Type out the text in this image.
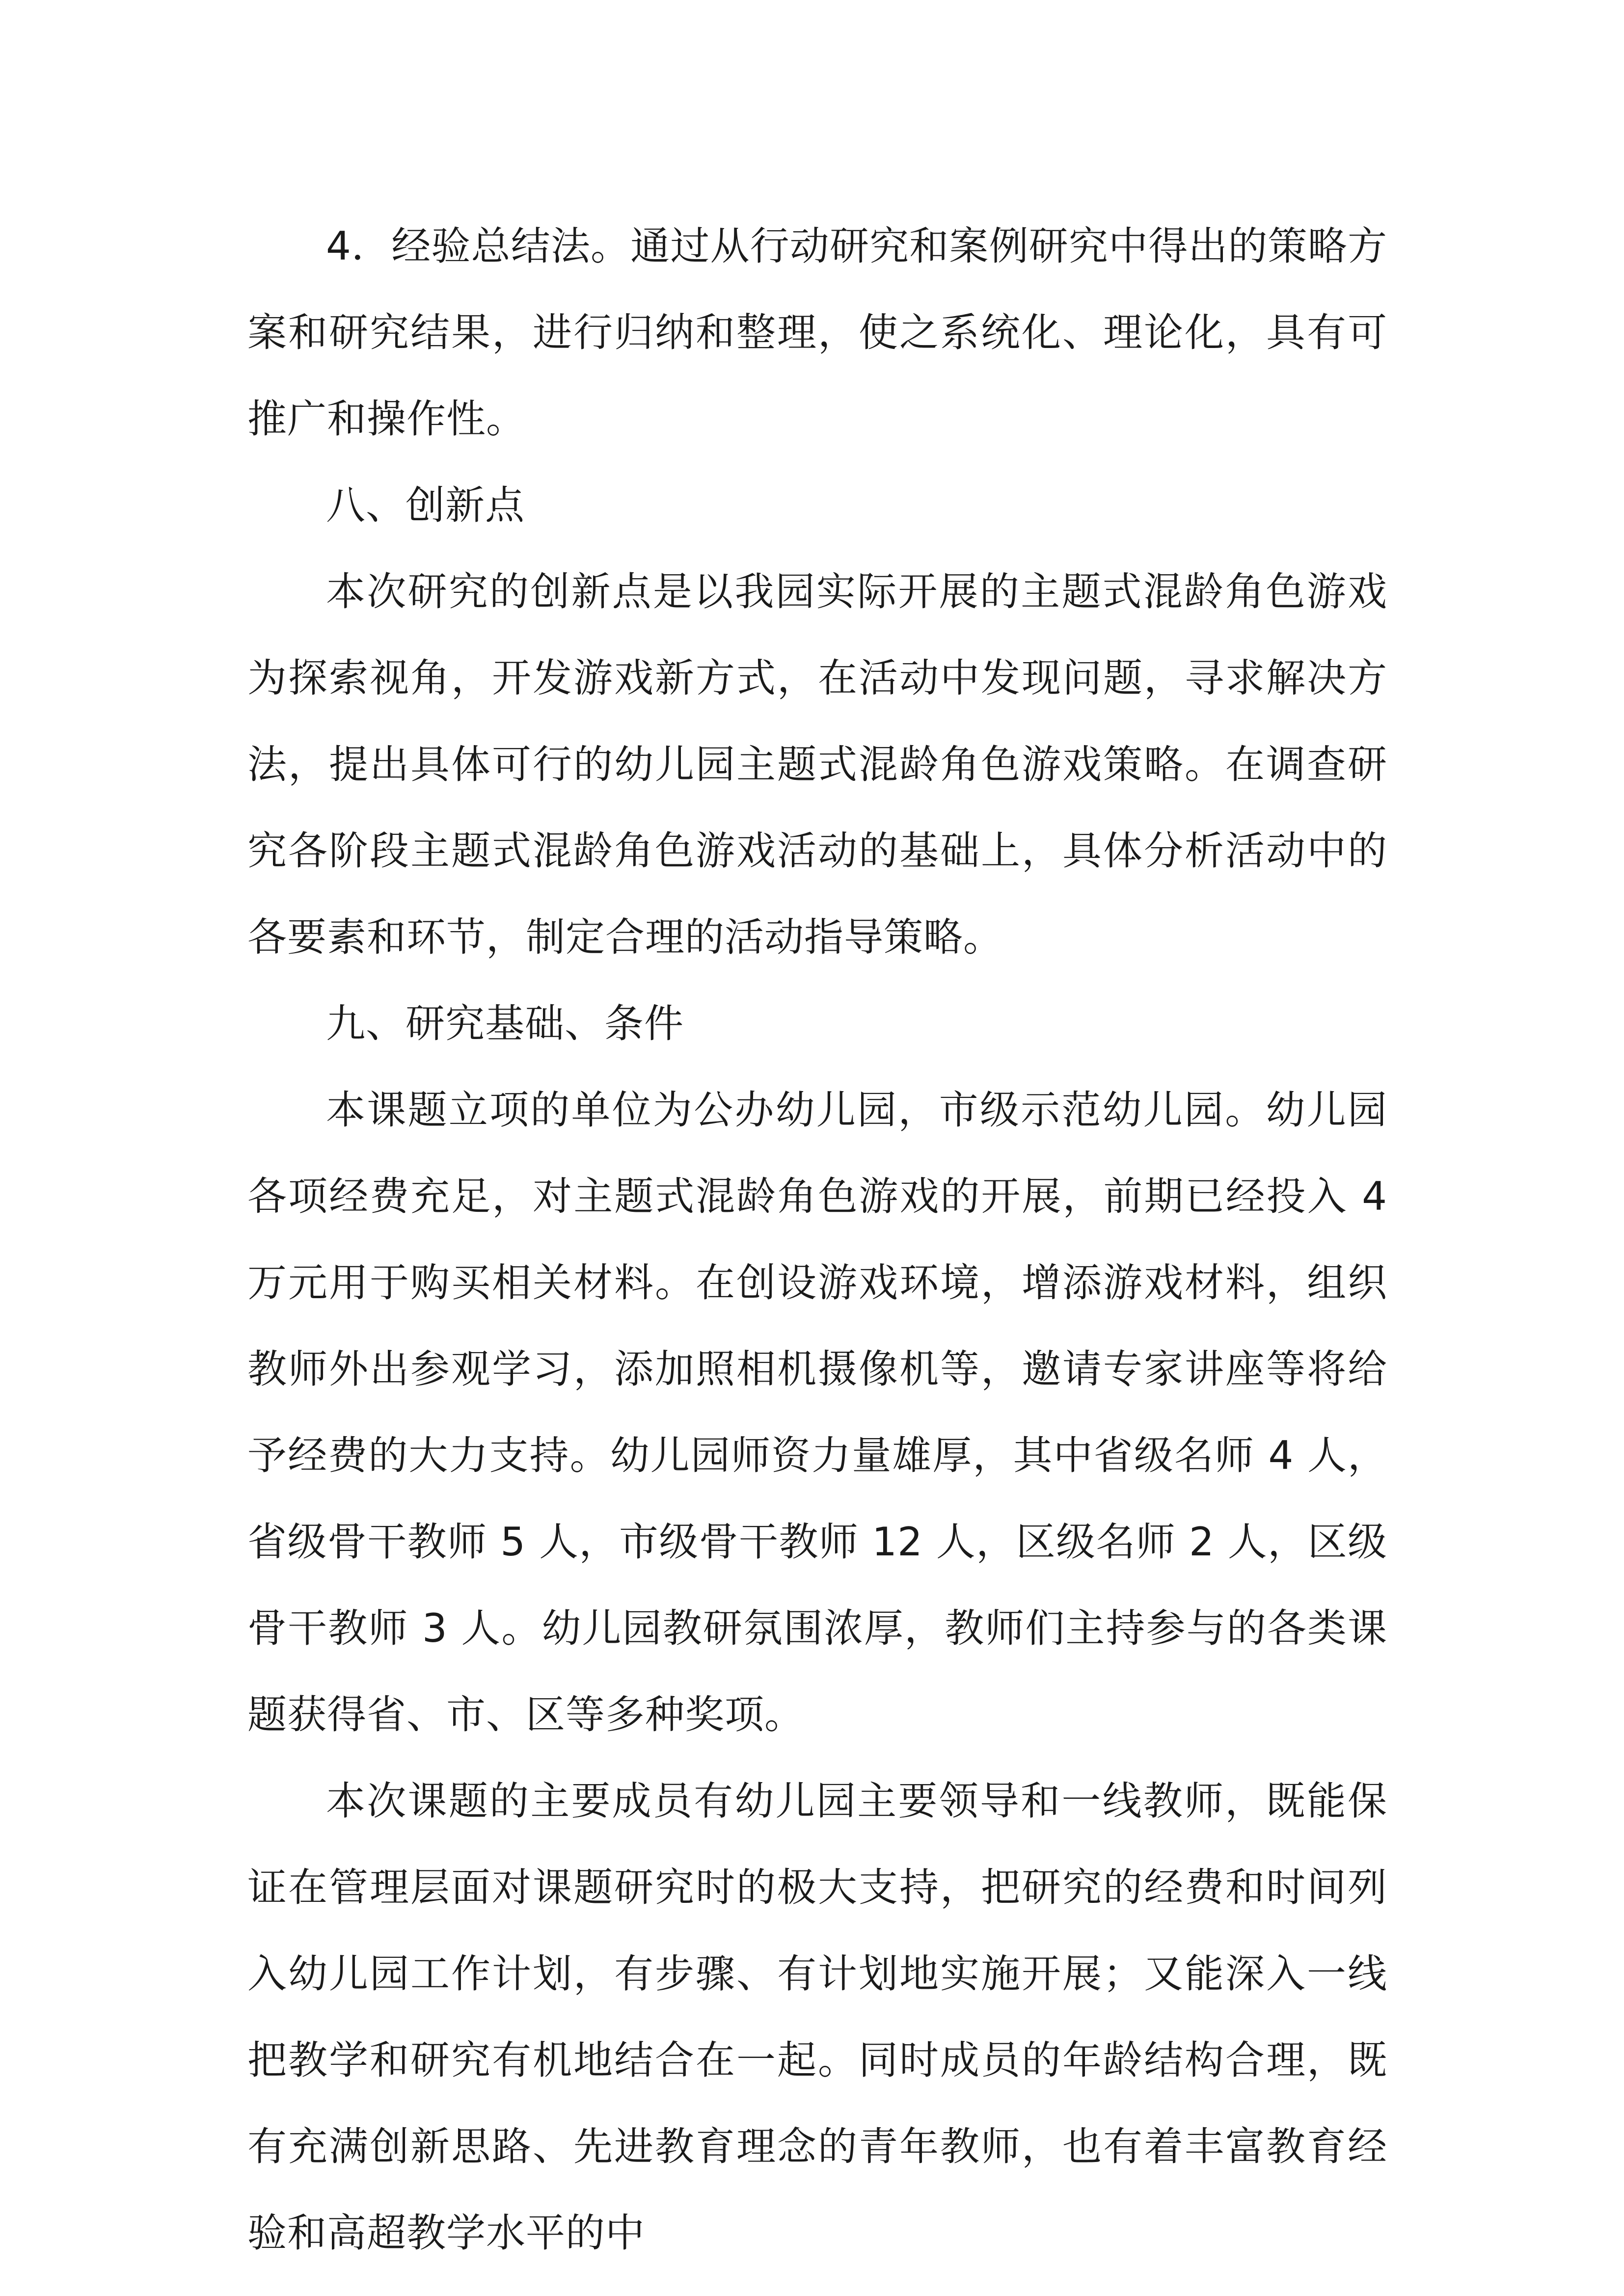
4．经验总结法。通过从行动研究和案例研究中得出的策略方案和研究结果，进行归纳和整理，使之系统化、理论化，具有可推广和操作性。

八、创新点

本次研究的创新点是以我园实际开展的主题式混龄角色游戏为探索视角，开发游戏新方式，在活动中发现问题，寻求解决方法，提出具体可行的幼儿园主题式混龄角色游戏策略。在调查研究各阶段主题式混龄角色游戏活动的基础上，具体分析活动中的各要素和环节，制定合理的活动指导策略。

九、研究基础、条件

本课题立项的单位为公办幼儿园，市级示范幼儿园。幼儿园各项经费充足，对主题式混龄角色游戏的开展，前期已经投入 4 万元用于购买相关材料。在创设游戏环境，增添游戏材料，组织教师外出参观学习，添加照相机摄像机等，邀请专家讲座等将给予经费的大力支持。幼儿园师资力量雄厚，其中省级名师 4 人，省级骨干教师 5 人，市级骨干教师 12 人，区级名师 2 人，区级骨干教师 3 人。幼儿园教研氛围浓厚，教师们主持参与的各类课题获得省、市、区等多种奖项。

本次课题的主要成员有幼儿园主要领导和一线教师，既能保证在管理层面对课题研究时的极大支持，把研究的经费和时间列入幼儿园工作计划，有步骤、有计划地实施开展；又能深入一线把教学和研究有机地结合在一起。同时成员的年龄结构合理，既有充满创新思路、先进教育理念的青年教师，也有着丰富教育经验和高超教学水平的中
